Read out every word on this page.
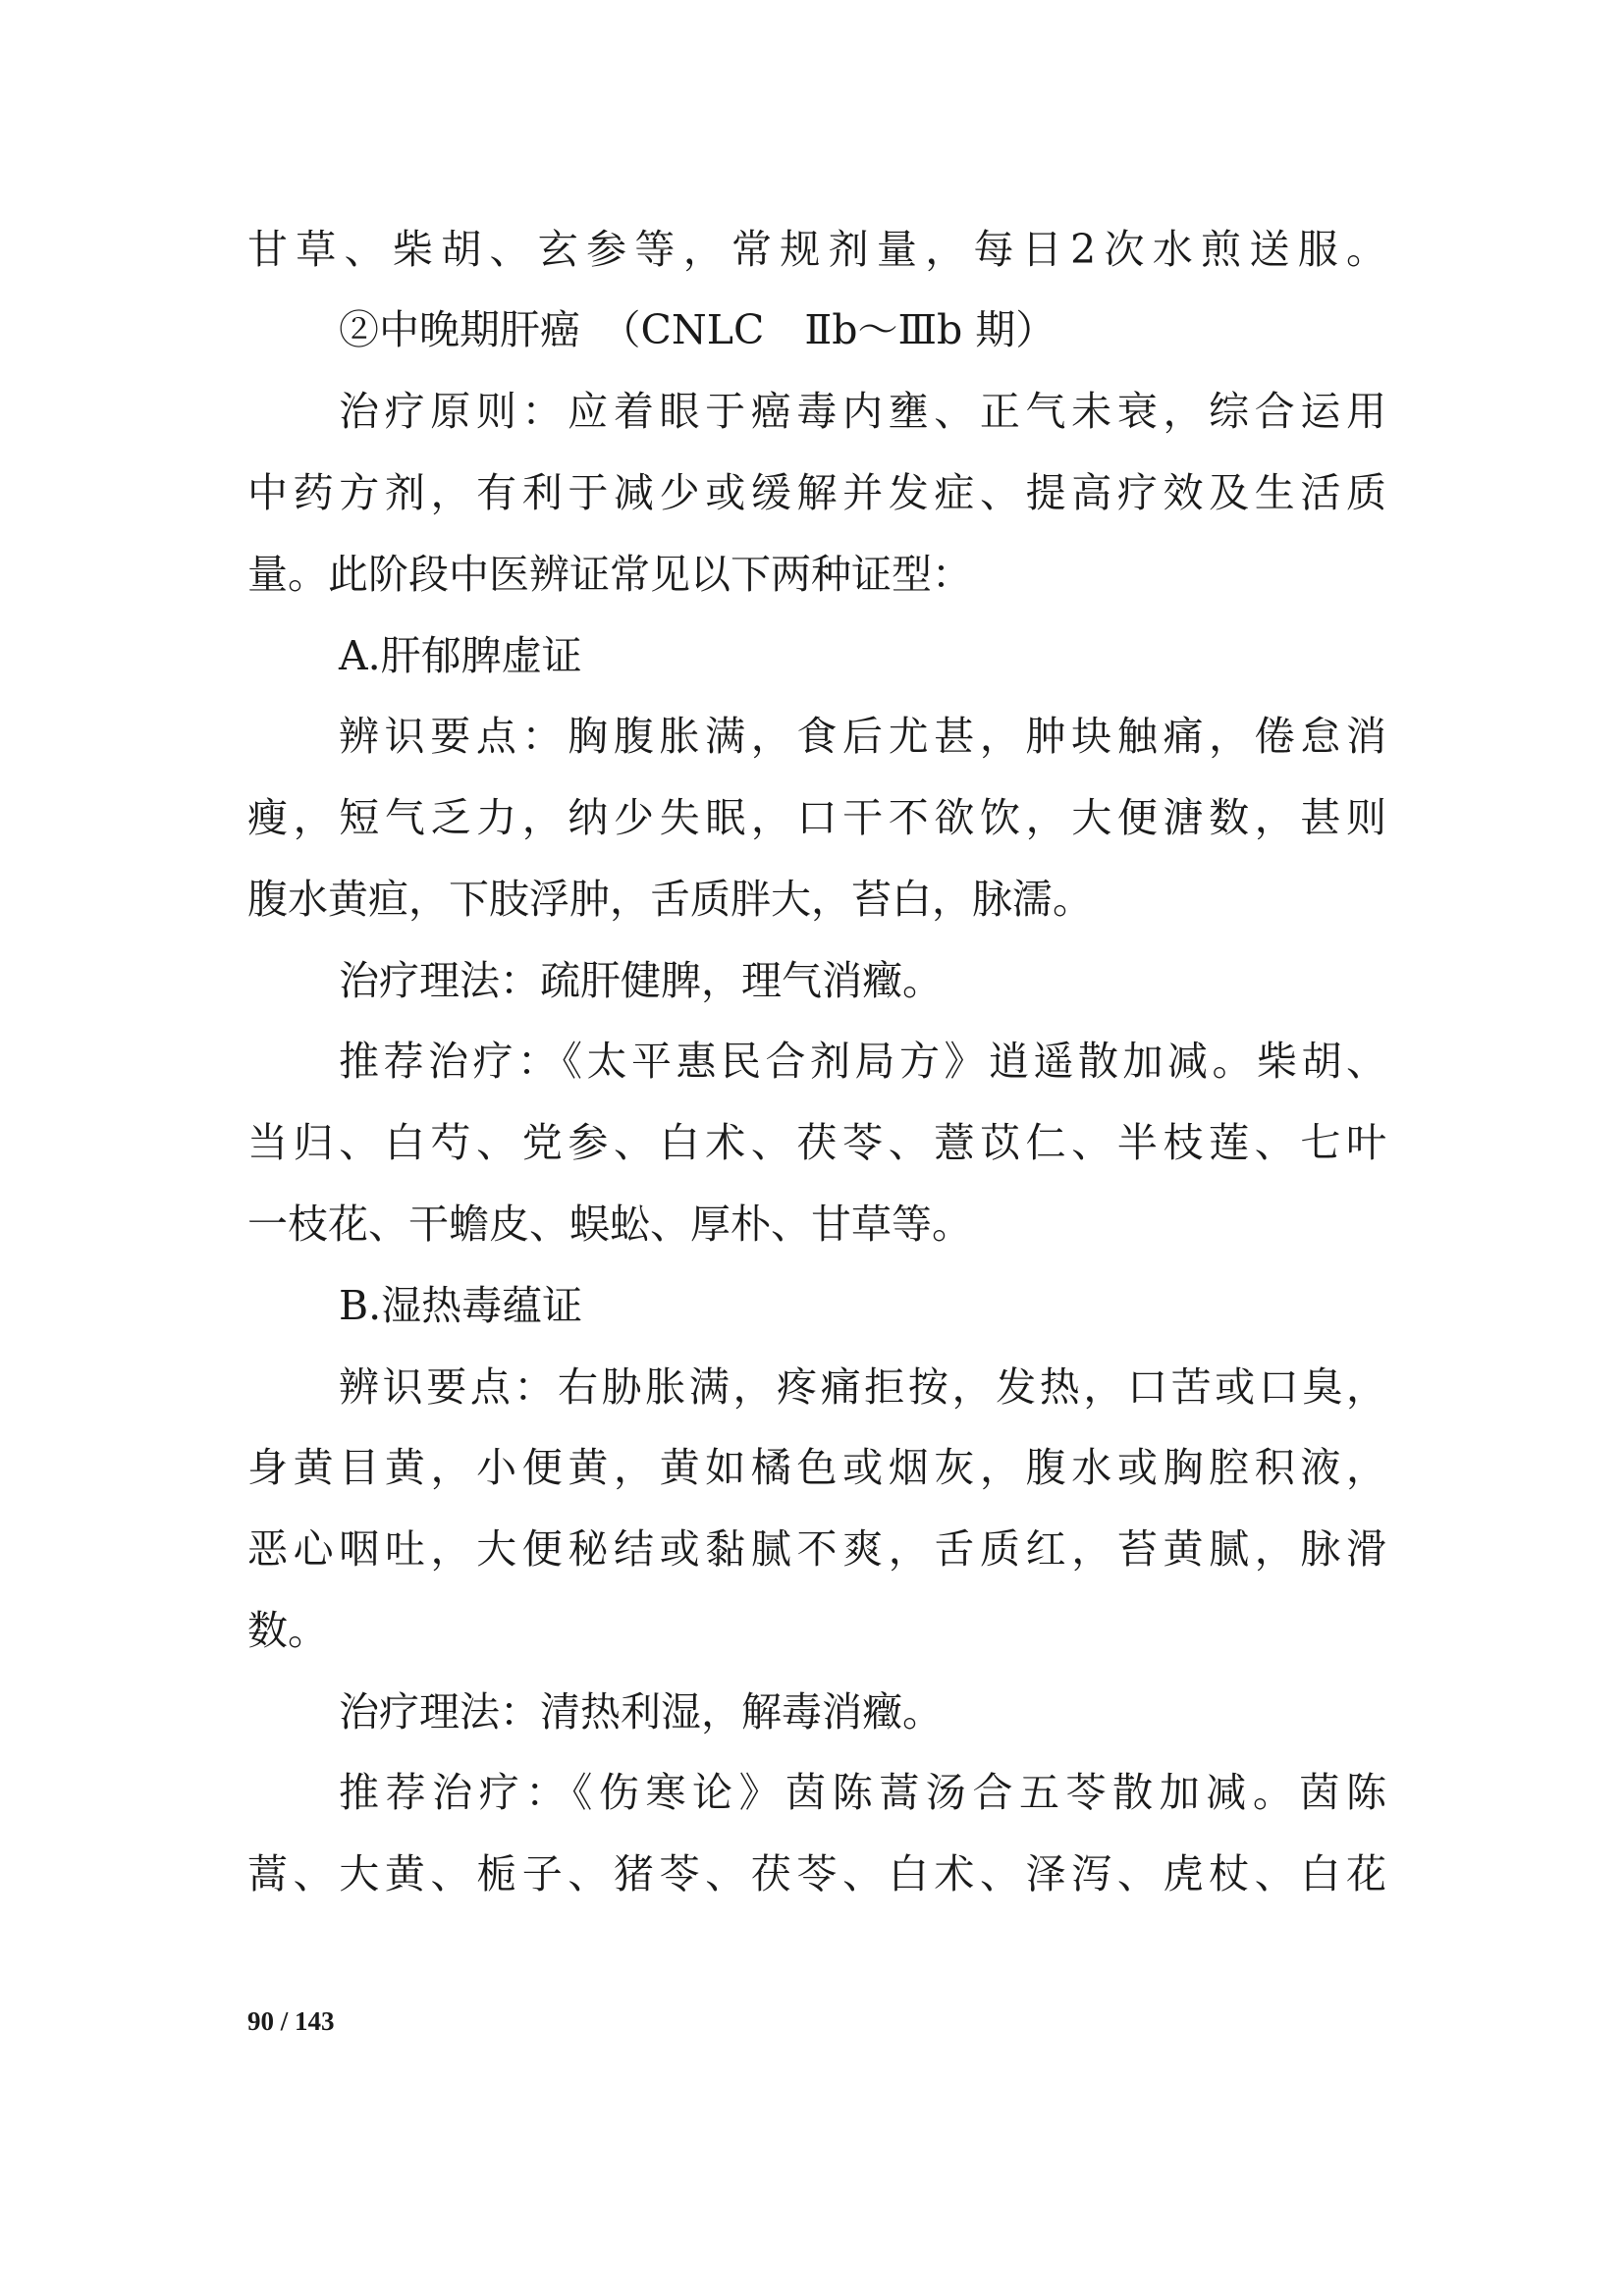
甘草、柴胡、玄参等，常规剂量，每日2次水煎送服。
②中晚期肝癌　（CNLC　Ⅱb～Ⅲb 期）
治疗原则：应着眼于癌毒内壅、正气未衰，综合运用
中药方剂，有利于减少或缓解并发症、提高疗效及生活质
量。此阶段中医辨证常见以下两种证型：
A.肝郁脾虚证
辨识要点：胸腹胀满，食后尤甚，肿块触痛，倦怠消
瘦，短气乏力，纳少失眠，口干不欲饮，大便溏数，甚则
腹水黄疸，下肢浮肿，舌质胖大，苔白，脉濡。
治疗理法：疏肝健脾，理气消癥。
推荐治疗：《太平惠民合剂局方》逍遥散加减。柴胡、
当归、白芍、党参、白术、茯苓、薏苡仁、半枝莲、七叶
一枝花、干蟾皮、蜈蚣、厚朴、甘草等。
B.湿热毒蕴证
辨识要点：右胁胀满，疼痛拒按，发热，口苦或口臭，
身黄目黄，小便黄，黄如橘色或烟灰，腹水或胸腔积液，
恶心咽吐，大便秘结或黏腻不爽，舌质红，苔黄腻，脉滑
数。
治疗理法：清热利湿，解毒消癥。
推荐治疗：《伤寒论》茵陈蒿汤合五苓散加减。茵陈
蒿、大黄、栀子、猪苓、茯苓、白术、泽泻、虎杖、白花
90 / 143
